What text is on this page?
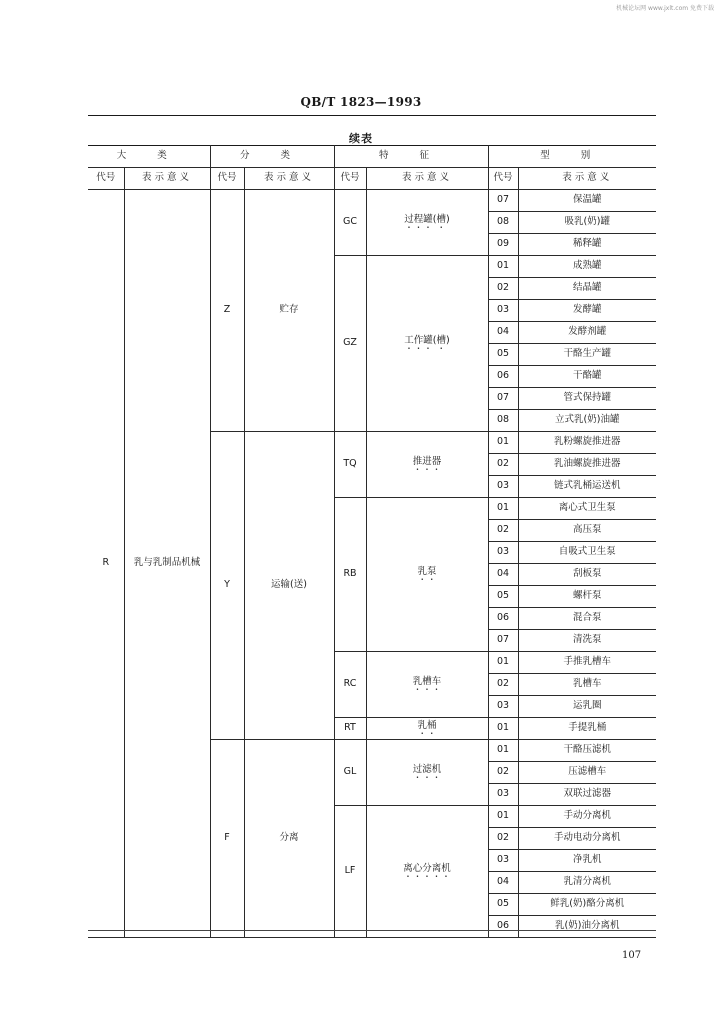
机械论坛网 www.jxlt.com 免费下载
QB/T 1823—1993
续表
大 类		分 类		特 征		型 别	
代号	表示意义	代号	表示意义	代号	表示意义	代号	表示意义
R	乳与乳制品机械	Z	贮存	GC	过程罐(槽)	07	保温罐
						08	吸乳(奶)罐
						09	稀释罐
				GZ	工作罐(槽)	01	成熟罐
						02	结晶罐
						03	发酵罐
						04	发酵剂罐
						05	干酪生产罐
						06	干酪罐
						07	管式保持罐
						08	立式乳(奶)油罐
		Y	运输(送)	TQ	推进器	01	乳粉螺旋推进器
						02	乳油螺旋推进器
						03	链式乳桶运送机
				RB	乳泵	01	离心式卫生泵
						02	高压泵
						03	自吸式卫生泵
						04	刮板泵
						05	螺杆泵
						06	混合泵
						07	清洗泵
				RC	乳槽车	01	手推乳槽车
						02	乳槽车
						03	运乳圈
				RT	乳桶	01	手提乳桶
		F	分离	GL	过滤机	01	干酪压滤机
						02	压滤槽车
						03	双联过滤器
				LF	离心分离机	01	手动分离机
						02	手动电动分离机
						03	净乳机
						04	乳清分离机
						05	鲜乳(奶)酪分离机
						06	乳(奶)油分离机
107
